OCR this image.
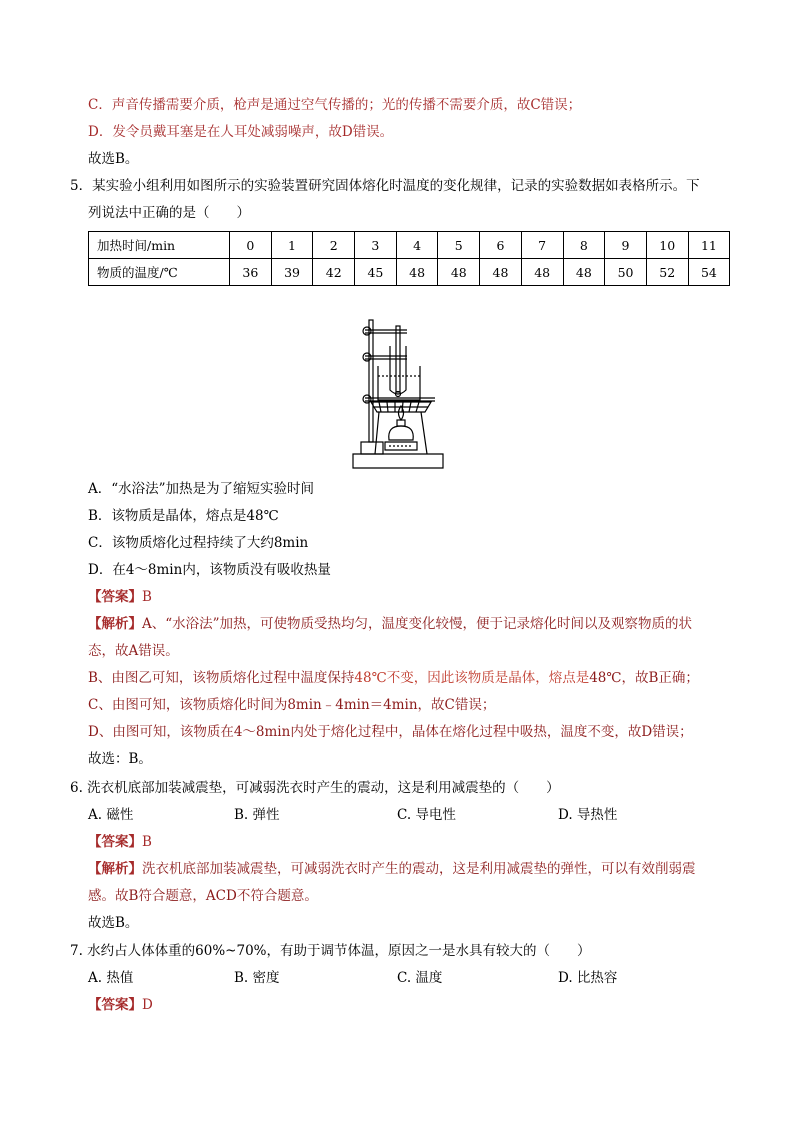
C．声音传播需要介质，枪声是通过空气传播的；光的传播不需要介质，故C错误；
D．发令员戴耳塞是在人耳处减弱噪声，故D错误。
故选B。
5．某实验小组利用如图所示的实验装置研究固体熔化时温度的变化规律，记录的实验数据如表格所示。下
列说法中正确的是（　　）
加热时间/min	0	1	2	3	4	5	6	7	8	9	10	11
物质的温度/℃	36	39	42	45	48	48	48	48	48	50	52	54
A．“水浴法”加热是为了缩短实验时间
B．该物质是晶体，熔点是48℃
C．该物质熔化过程持续了大约8min
D．在4～8min内，该物质没有吸收热量
【答案】B
【解析】A、“水浴法”加热，可使物质受热均匀，温度变化较慢，便于记录熔化时间以及观察物质的状
态，故A错误。
B、由图乙可知，该物质熔化过程中温度保持48℃不变，因此该物质是晶体，熔点是48℃，故B正确；
C、由图可知，该物质熔化时间为8min﹣4min＝4min，故C错误；
D、由图可知，该物质在4～8min内处于熔化过程中，晶体在熔化过程中吸热，温度不变，故D错误；
故选：B。
6. 洗衣机底部加装减震垫，可减弱洗衣时产生的震动，这是利用减震垫的（　　）
A. 磁性	B. 弹性	C. 导电性	D. 导热性
【答案】B
【解析】洗衣机底部加装减震垫，可减弱洗衣时产生的震动，这是利用减震垫的弹性，可以有效削弱震
感。故B符合题意，ACD不符合题意。
故选B。
7. 水约占人体体重的60%~70%，有助于调节体温，原因之一是水具有较大的（　　）
A. 热值	B. 密度	C. 温度	D. 比热容
【答案】D
